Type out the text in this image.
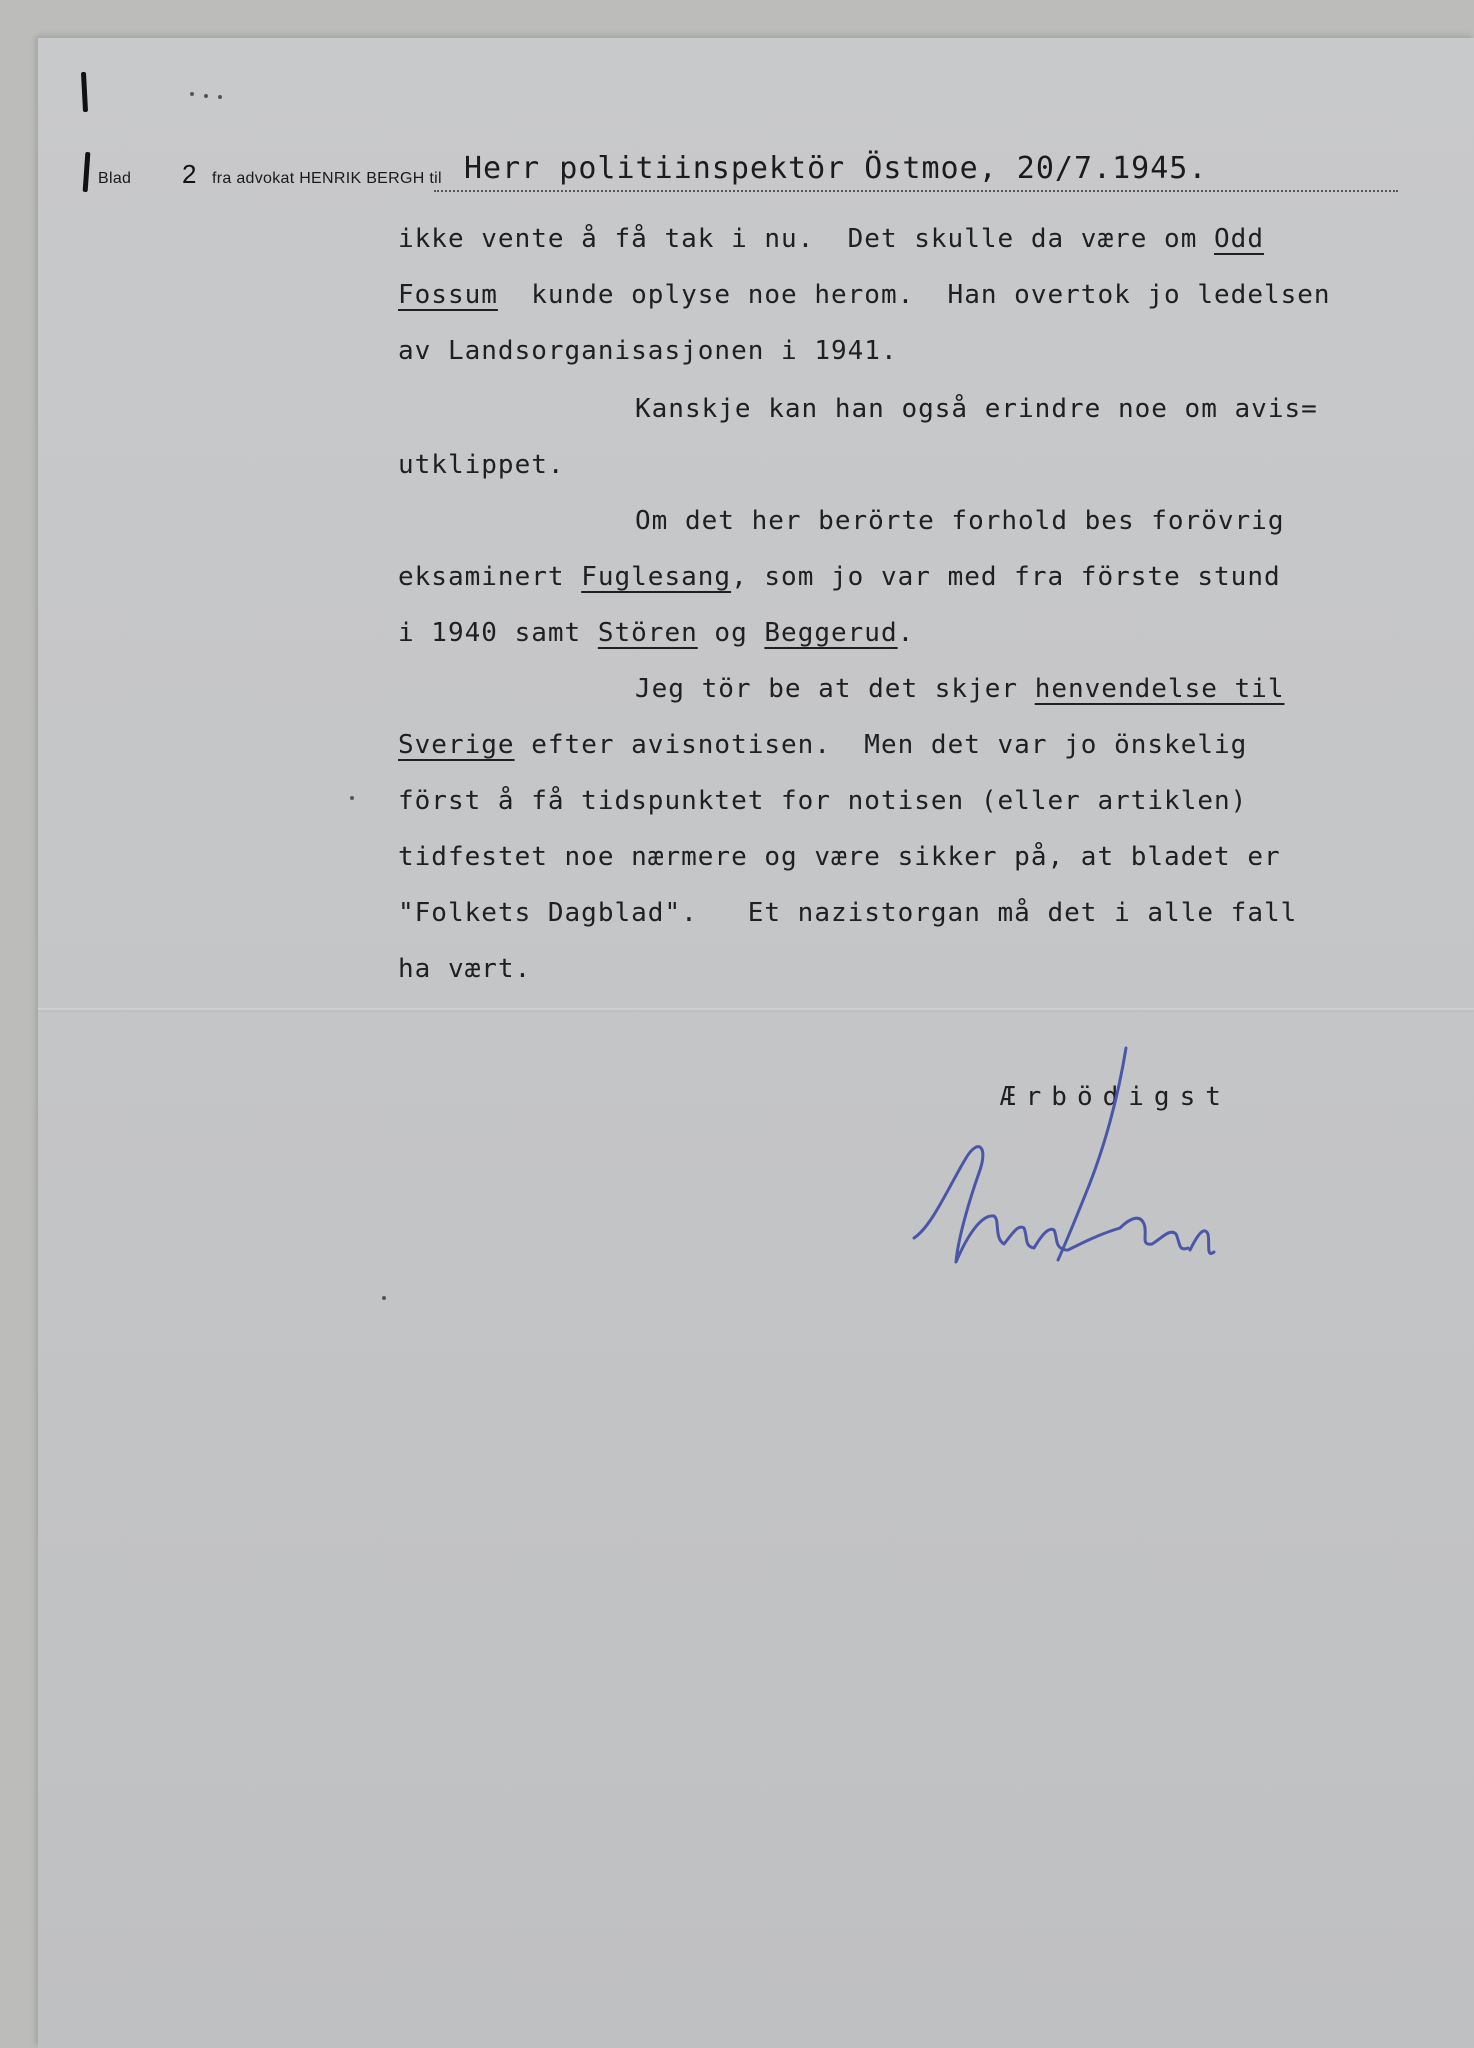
Blad 2 fra advokat HENRIK BERGH til Herr politiinspektör Östmoe, 20/7.1945.
ikke vente å få tak i nu.  Det skulle da være om Odd
Fossum  kunde oplyse noe herom.  Han overtok jo ledelsen
av Landsorganisasjonen i 1941.
Kanskje kan han også erindre noe om avis=
utklippet.
Om det her berörte forhold bes forövrig
eksaminert Fuglesang, som jo var med fra förste stund
i 1940 samt Stören og Beggerud.
Jeg tör be at det skjer henvendelse til
Sverige efter avisnotisen.  Men det var jo önskelig
först å få tidspunktet for notisen (eller artiklen)
tidfestet noe nærmere og være sikker på, at bladet er
"Folkets Dagblad".   Et nazistorgan må det i alle fall
ha vært.
Ærbödigst
